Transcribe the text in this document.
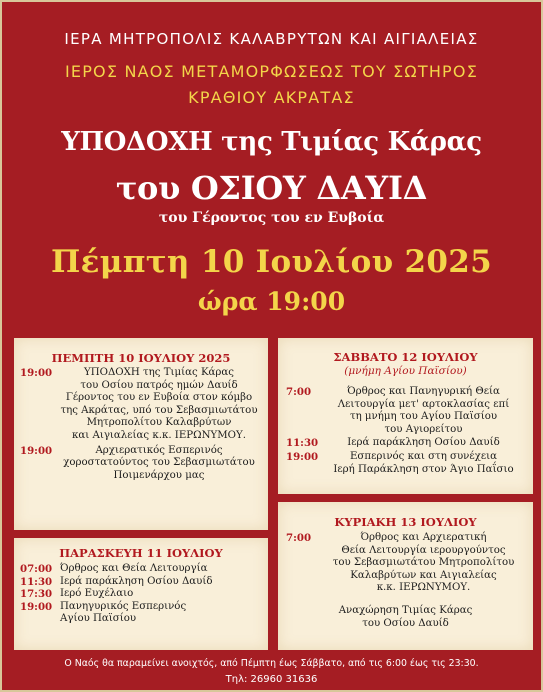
ΙΕΡΑ ΜΗΤΡΟΠΟΛΙΣ ΚΑΛΑΒΡΥΤΩΝ ΚΑΙ ΑΙΓΙΑΛΕΙΑΣ
ΙΕΡΟΣ ΝΑΟΣ ΜΕΤΑΜΟΡΦΩΣΕΩΣ ΤΟΥ ΣΩΤΗΡΟΣ
ΚΡΑΘΙΟΥ ΑΚΡΑΤΑΣ
ΥΠΟΔΟΧΗ της Τιμίας Κάρας
του ΟΣΙΟΥ ΔΑΥΙΔ
του Γέροντος του εν Ευβοία
Πέμπτη 10 Ιουλίου 2025
ώρα 19:00
ΠΕΜΠΤΗ 10 ΙΟΥΛΙΟΥ 2025
19:00	ΥΠΟΔΟΧΗ της Τιμίας Κάρας
του Οσίου πατρός ημών Δαυίδ
Γέροντος του εν Ευβοία στον κόμβο
της Ακράτας, υπό του Σεβασμιωτάτου
Μητροπολίτου Καλαβρύτων
και Αιγιαλείας κ.κ. ΙΕΡΩΝΥΜΟΥ.
19:00	Αρχιερατικός Εσπερινός
χοροστατούντος του Σεβασμιωτάτου
Ποιμενάρχου μας
ΠΑΡΑΣΚΕΥΗ 11 ΙΟΥΛΙΟΥ
07:00 Όρθρος και Θεία Λειτουργία
11:30 Ιερά παράκληση Οσίου Δαυίδ
17:30 Ιερό Ευχέλαιο
19:00 Πανηγυρικός Εσπερινός
Αγίου Παϊσίου
ΣΑΒΒΑΤΟ 12 ΙΟΥΛΙΟΥ
(μνήμη Αγίου Παϊσίου)
7:00	Όρθρος και Πανηγυρική Θεία
Λειτουργία μετ' αρτοκλασίας επί
τη μνήμη του Αγίου Παϊσίου
του Αγιορείτου
11:30	Ιερά παράκληση Οσίου Δαυίδ
19:00	Εσπερινός και στη συνέχεια
Ιερή Παράκληση στον Άγιο Παΐσιο
ΚΥΡΙΑΚΗ 13 ΙΟΥΛΙΟΥ
7:00	Όρθρος και Αρχιερατική
Θεία Λειτουργία ιερουργούντος
του Σεβασμιωτάτου Μητροπολίτου
Καλαβρύτων και Αιγιαλείας
κ.κ. ΙΕΡΩΝΥΜΟΥ.
Αναχώρηση Τιμίας Κάρας
του Οσίου Δαυίδ
Ο Ναός θα παραμείνει ανοιχτός, από Πέμπτη έως Σάββατο, από τις 6:00 έως τις 23:30.
Τηλ: 26960 31636
